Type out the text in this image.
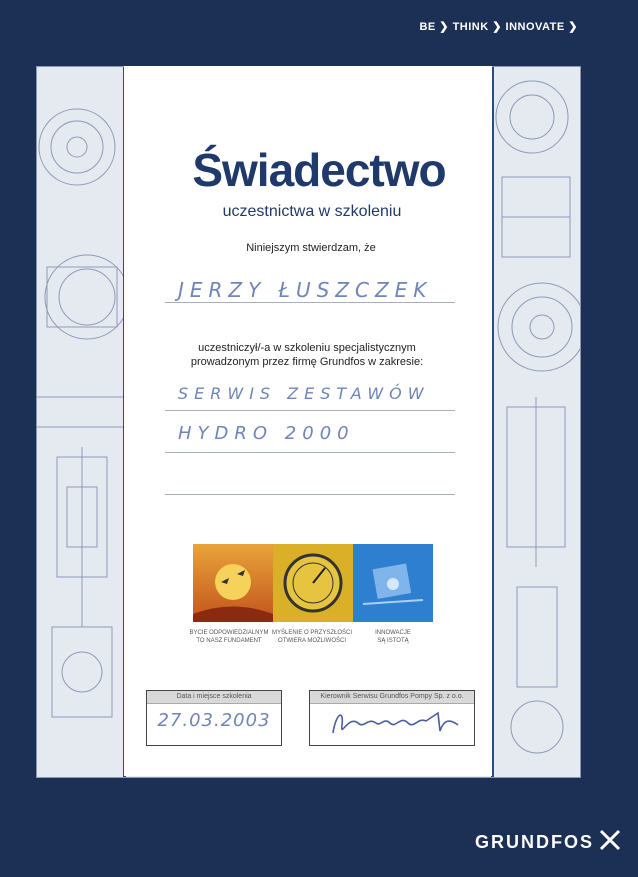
BE ❯ THINK ❯ INNOVATE ❯
Świadectwo
uczestnictwa w szkoleniu
Niniejszym stwierdzam, że
JERZY ŁUSZCZEK
uczestniczył/-a w szkoleniu specjalistycznym
prowadzonym przez firmę Grundfos w zakresie:
SERWIS ZESTAWÓW
HYDRO 2000
BYCIE ODPOWIEDZIALNYM
TO NASZ FUNDAMENT
MYŚLENIE O PRZYSZŁOŚCI
OTWIERA MOŻLIWOŚCI
INNOWACJE
SĄ ISTOTĄ
Data i miejsce szkolenia
27.03.2003
Kierownik Serwisu Grundfos Pompy Sp. z o.o.
GRUNDFOS
